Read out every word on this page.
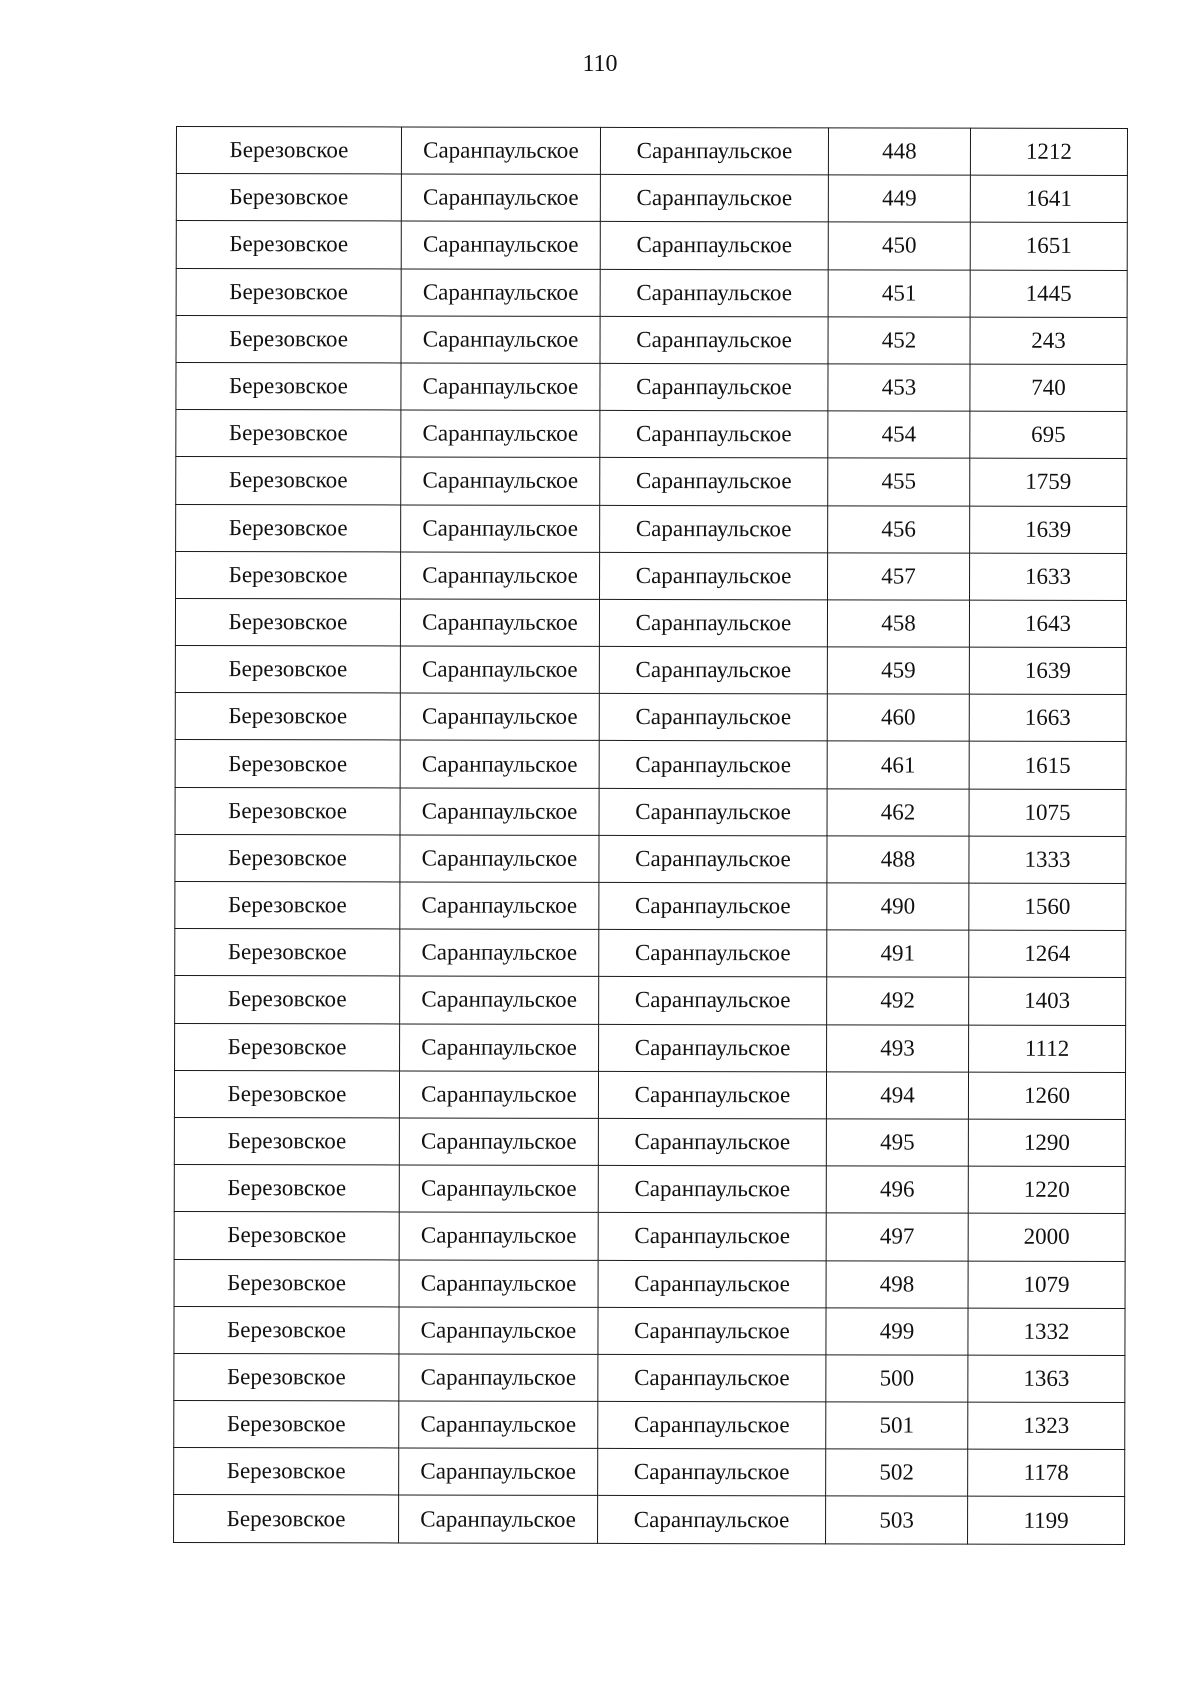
110
Березовское	Саранпаульское	Саранпаульское	448	1212
Березовское	Саранпаульское	Саранпаульское	449	1641
Березовское	Саранпаульское	Саранпаульское	450	1651
Березовское	Саранпаульское	Саранпаульское	451	1445
Березовское	Саранпаульское	Саранпаульское	452	243
Березовское	Саранпаульское	Саранпаульское	453	740
Березовское	Саранпаульское	Саранпаульское	454	695
Березовское	Саранпаульское	Саранпаульское	455	1759
Березовское	Саранпаульское	Саранпаульское	456	1639
Березовское	Саранпаульское	Саранпаульское	457	1633
Березовское	Саранпаульское	Саранпаульское	458	1643
Березовское	Саранпаульское	Саранпаульское	459	1639
Березовское	Саранпаульское	Саранпаульское	460	1663
Березовское	Саранпаульское	Саранпаульское	461	1615
Березовское	Саранпаульское	Саранпаульское	462	1075
Березовское	Саранпаульское	Саранпаульское	488	1333
Березовское	Саранпаульское	Саранпаульское	490	1560
Березовское	Саранпаульское	Саранпаульское	491	1264
Березовское	Саранпаульское	Саранпаульское	492	1403
Березовское	Саранпаульское	Саранпаульское	493	1112
Березовское	Саранпаульское	Саранпаульское	494	1260
Березовское	Саранпаульское	Саранпаульское	495	1290
Березовское	Саранпаульское	Саранпаульское	496	1220
Березовское	Саранпаульское	Саранпаульское	497	2000
Березовское	Саранпаульское	Саранпаульское	498	1079
Березовское	Саранпаульское	Саранпаульское	499	1332
Березовское	Саранпаульское	Саранпаульское	500	1363
Березовское	Саранпаульское	Саранпаульское	501	1323
Березовское	Саранпаульское	Саранпаульское	502	1178
Березовское	Саранпаульское	Саранпаульское	503	1199
